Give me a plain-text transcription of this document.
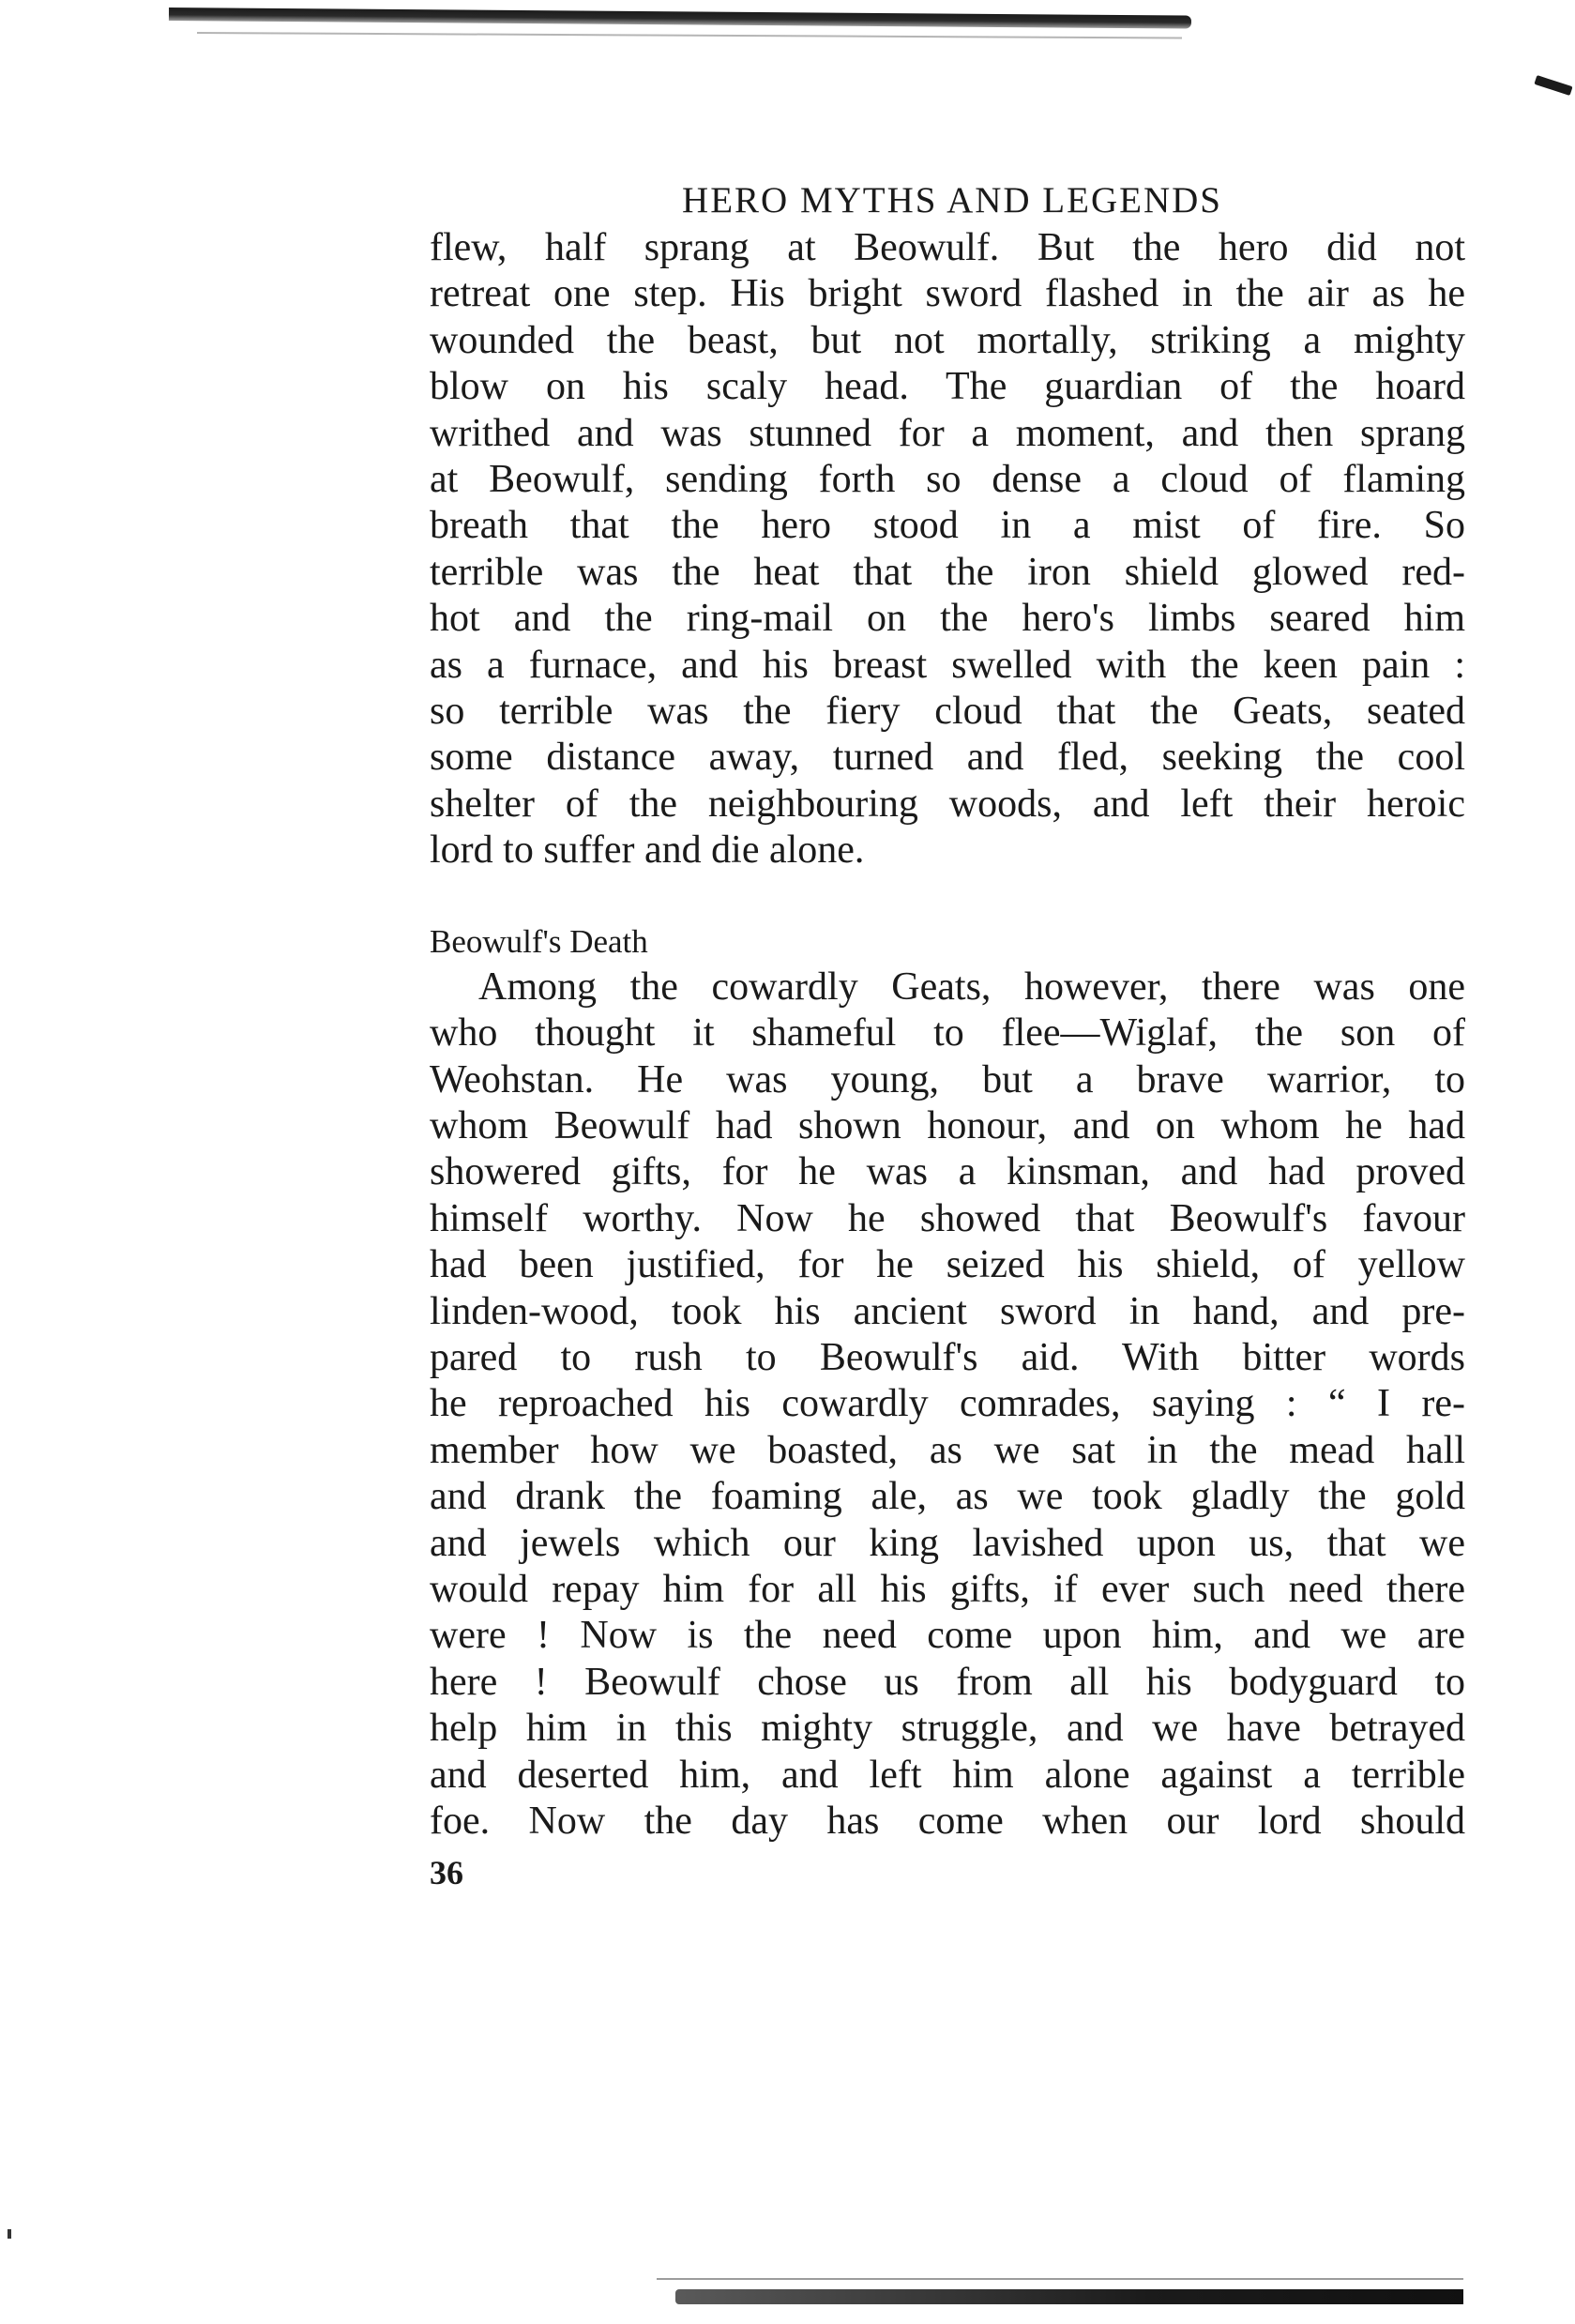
HERO MYTHS AND LEGENDS
flew, half sprang at Beowulf. But the hero did not
retreat one step. His bright sword flashed in the air as he
wounded the beast, but not mortally, striking a mighty
blow on his scaly head. The guardian of the hoard
writhed and was stunned for a moment, and then sprang
at Beowulf, sending forth so dense a cloud of flaming
breath that the hero stood in a mist of fire. So
terrible was the heat that the iron shield glowed red-
hot and the ring-mail on the hero's limbs seared him
as a furnace, and his breast swelled with the keen pain :
so terrible was the fiery cloud that the Geats, seated
some distance away, turned and fled, seeking the cool
shelter of the neighbouring woods, and left their heroic
lord to suffer and die alone.
Beowulf's Death
Among the cowardly Geats, however, there was one
who thought it shameful to flee—Wiglaf, the son of
Weohstan. He was young, but a brave warrior, to
whom Beowulf had shown honour, and on whom he had
showered gifts, for he was a kinsman, and had proved
himself worthy. Now he showed that Beowulf's favour
had been justified, for he seized his shield, of yellow
linden-wood, took his ancient sword in hand, and pre-
pared to rush to Beowulf's aid. With bitter words
he reproached his cowardly comrades, saying : “ I re-
member how we boasted, as we sat in the mead hall
and drank the foaming ale, as we took gladly the gold
and jewels which our king lavished upon us, that we
would repay him for all his gifts, if ever such need there
were ! Now is the need come upon him, and we are
here ! Beowulf chose us from all his bodyguard to
help him in this mighty struggle, and we have betrayed
and deserted him, and left him alone against a terrible
foe. Now the day has come when our lord should
36
